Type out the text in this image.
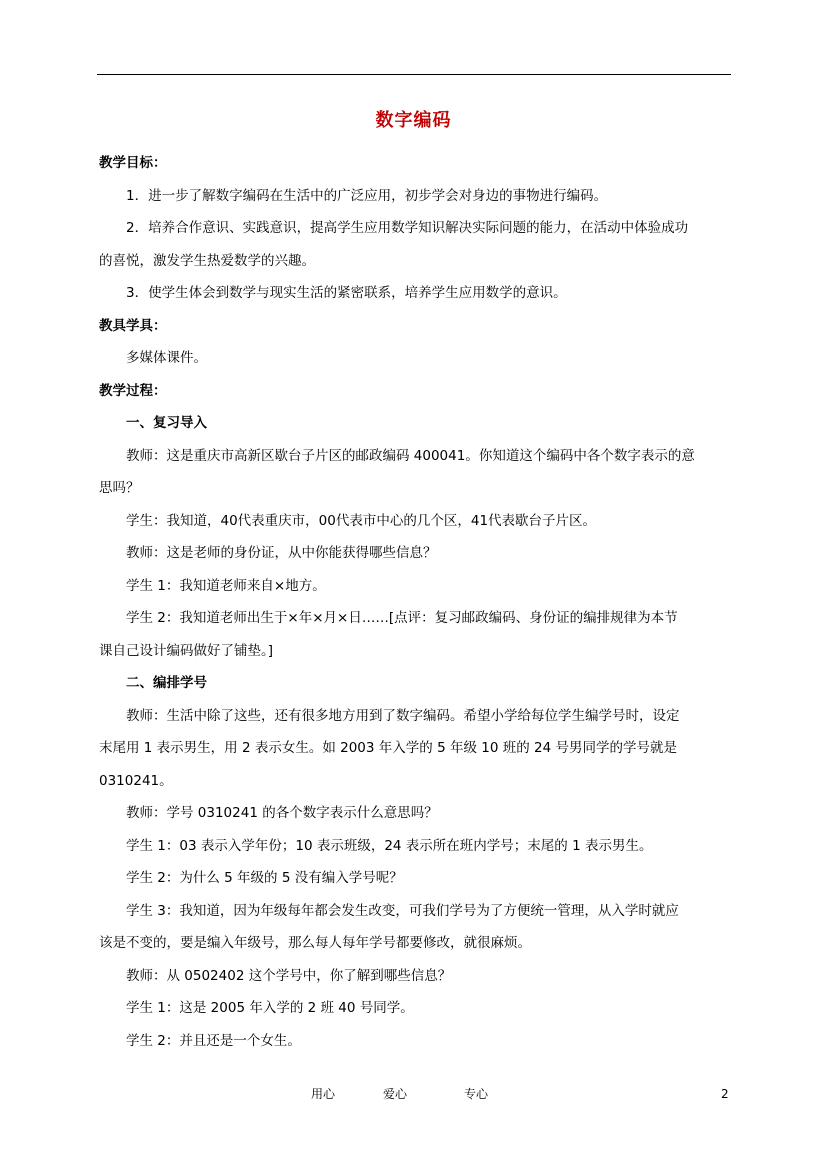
数字编码

教学目标：

1．进一步了解数字编码在生活中的广泛应用，初步学会对身边的事物进行编码。

2．培养合作意识、实践意识，提高学生应用数学知识解决实际问题的能力，在活动中体验成功

的喜悦，激发学生热爱数学的兴趣。

3．使学生体会到数学与现实生活的紧密联系，培养学生应用数学的意识。

教具学具：

多媒体课件。

教学过程：

一、复习导入

教师：这是重庆市高新区歇台子片区的邮政编码 400041。你知道这个编码中各个数字表示的意

思吗？

学生：我知道，40代表重庆市，00代表市中心的几个区，41代表歇台子片区。

教师：这是老师的身份证，从中你能获得哪些信息？

学生 1：我知道老师来自×地方。

学生 2：我知道老师出生于×年×月×日……[点评：复习邮政编码、身份证的编排规律为本节

课自己设计编码做好了铺垫。]

二、编排学号

教师：生活中除了这些，还有很多地方用到了数字编码。希望小学给每位学生编学号时，设定

末尾用 1 表示男生，用 2 表示女生。如 2003 年入学的 5 年级 10 班的 24 号男同学的学号就是

0310241。

教师：学号 0310241 的各个数字表示什么意思吗？

学生 1：03 表示入学年份；10 表示班级，24 表示所在班内学号；末尾的 1 表示男生。

学生 2：为什么 5 年级的 5 没有编入学号呢？

学生 3：我知道，因为年级每年都会发生改变，可我们学号为了方便统一管理，从入学时就应

该是不变的，要是编入年级号，那么每人每年学号都要修改，就很麻烦。

教师：从 0502402 这个学号中，你了解到哪些信息？

学生 1：这是 2005 年入学的 2 班 40 号同学。

学生 2：并且还是一个女生。

用心	爱心	专心	2
